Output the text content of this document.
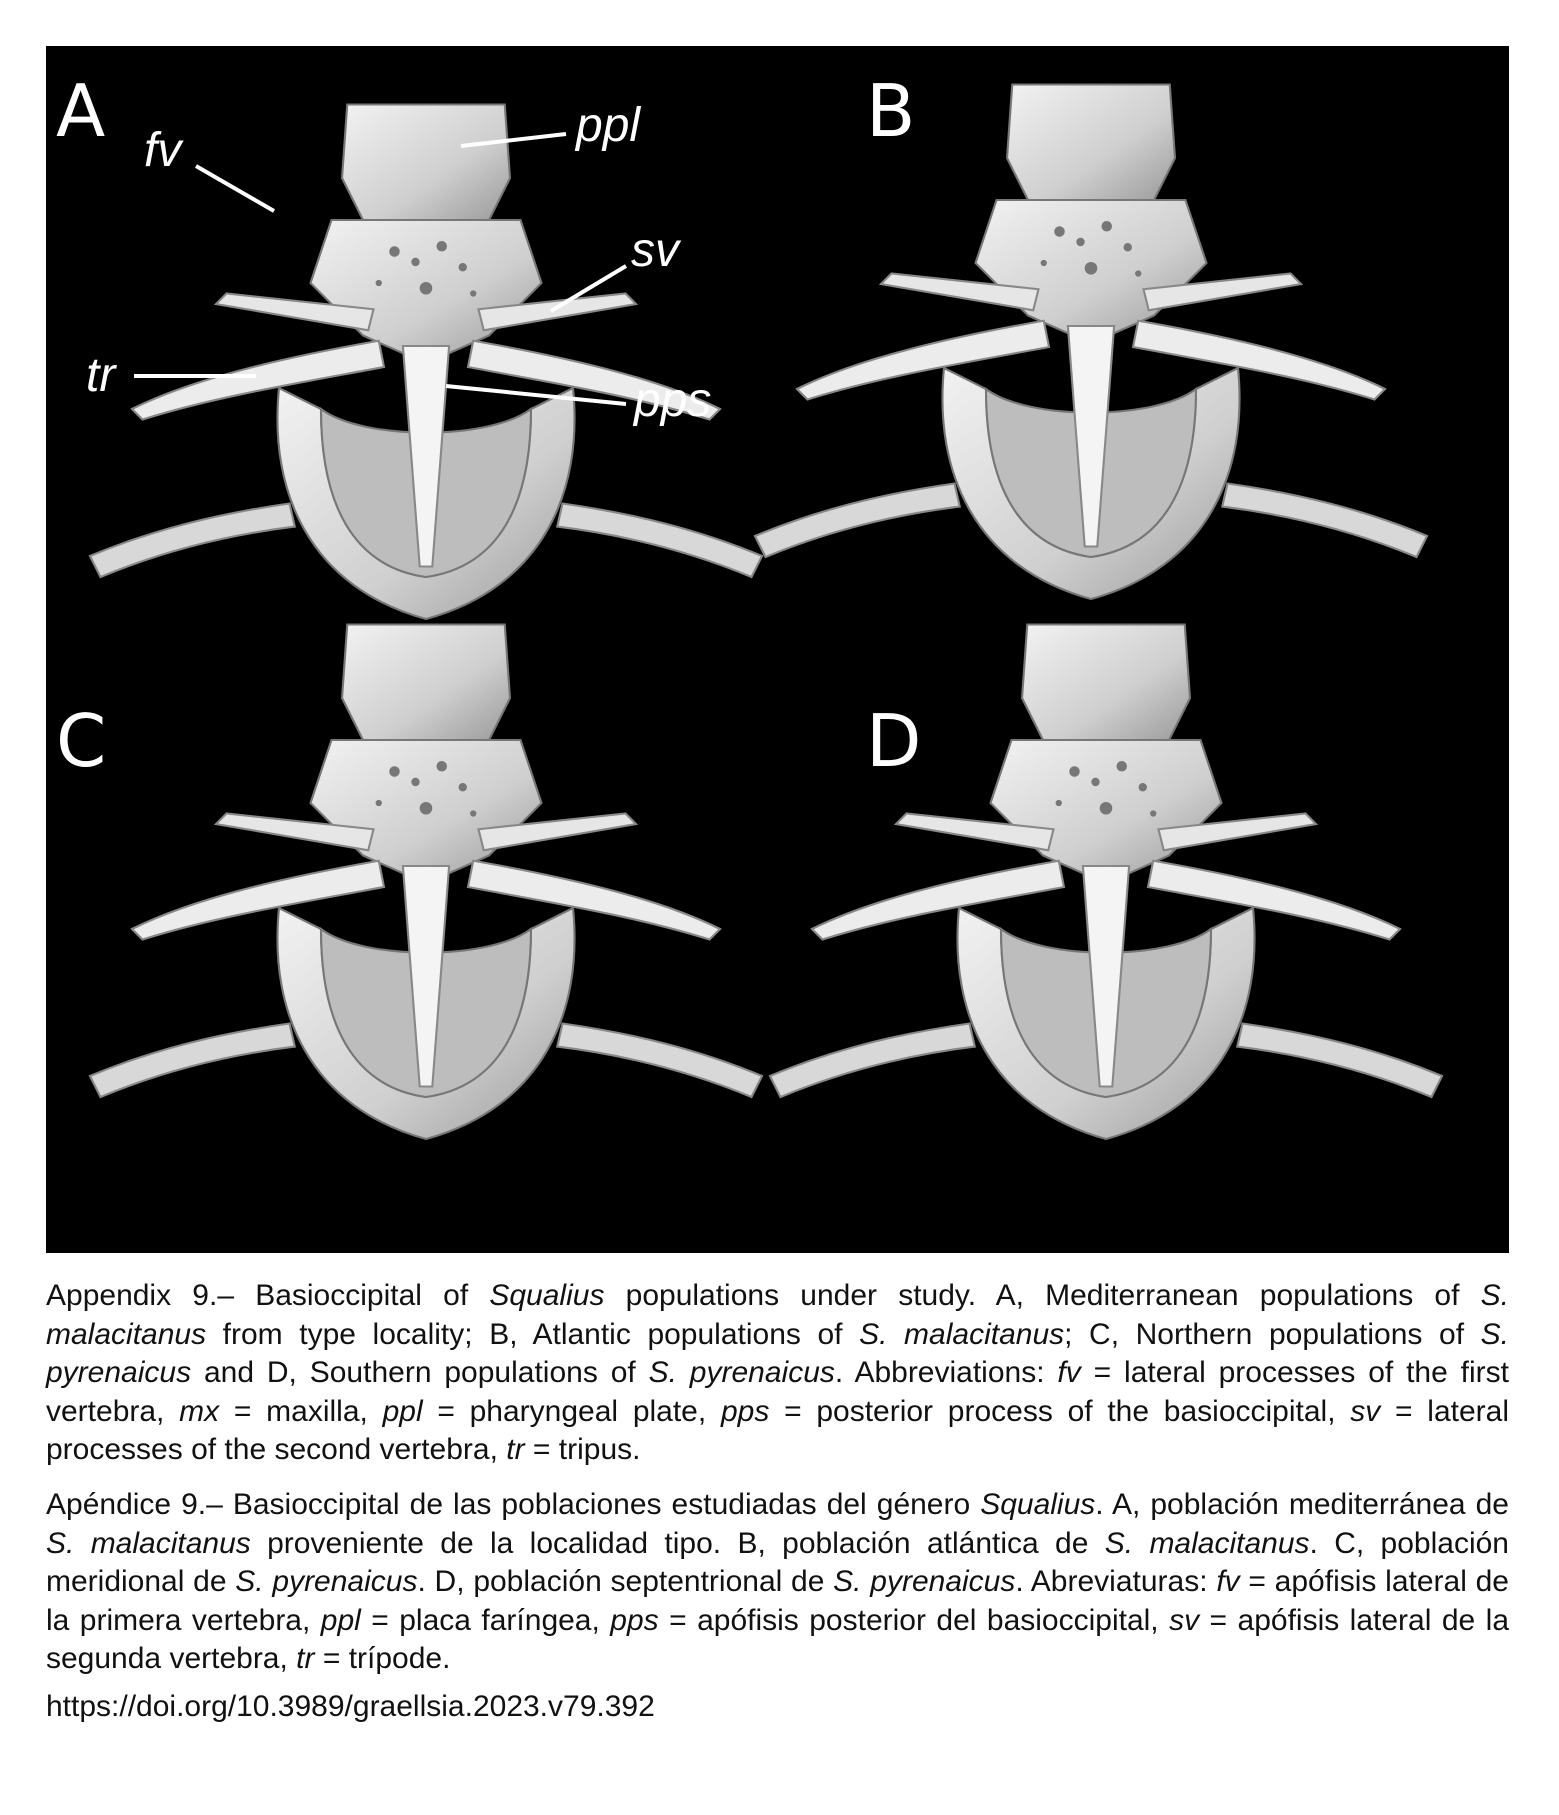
A	ppl
fv
sv
tr	pps
B
C	D

Appendix 9.– Basioccipital of Squalius populations under study. A, Mediterranean populations of S. malacitanus from type locality; B, Atlantic populations of S. malacitanus; C, Northern populations of S. pyrenaicus and D, Southern populations of S. pyrenaicus. Abbreviations: fv = lateral processes of the first vertebra, mx = maxilla, ppl = pharyngeal plate, pps = posterior process of the basioccipital, sv = lateral processes of the second vertebra, tr = tripus.

Apéndice 9.– Basioccipital de las poblaciones estudiadas del género Squalius. A, población mediterránea de S. malacitanus proveniente de la localidad tipo. B, población atlántica de S. malacitanus. C, población meridional de S. pyrenaicus. D, población septentrional de S. pyrenaicus. Abreviaturas: fv = apófisis lateral de la primera vertebra, ppl = placa faríngea, pps = apófisis posterior del basioccipital, sv = apófisis lateral de la segunda vertebra, tr = trípode.

https://doi.org/10.3989/graellsia.2023.v79.392
